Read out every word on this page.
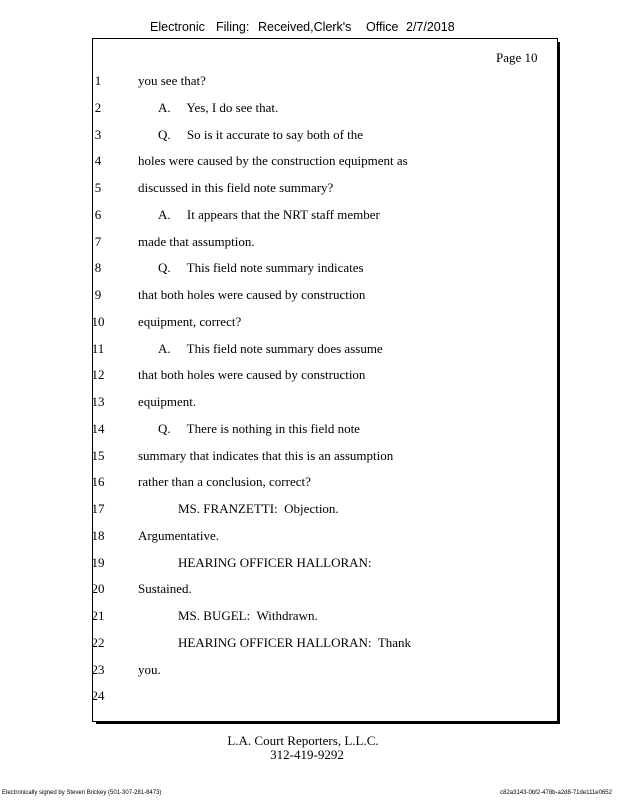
Electronic Filing: Received,Clerk's Office 2/7/2018
Page 10
1	you see that?
2	A.     Yes, I do see that.
3	Q.     So is it accurate to say both of the
4	holes were caused by the construction equipment as
5	discussed in this field note summary?
6	A.     It appears that the NRT staff member
7	made that assumption.
8	Q.     This field note summary indicates
9	that both holes were caused by construction
10	equipment, correct?
11	A.     This field note summary does assume
12	that both holes were caused by construction
13	equipment.
14	Q.     There is nothing in this field note
15	summary that indicates that this is an assumption
16	rather than a conclusion, correct?
17	MS. FRANZETTI:  Objection.
18	Argumentative.
19	HEARING OFFICER HALLORAN:
20	Sustained.
21	MS. BUGEL:  Withdrawn.
22	HEARING OFFICER HALLORAN:  Thank
23	you.
24
L.A. Court Reporters, L.L.C.
312-419-9292
Electronically signed by Steven Brickey (501-307-281-8473)	c82a3143-0bf2-478b-a2d8-71de111e0652
